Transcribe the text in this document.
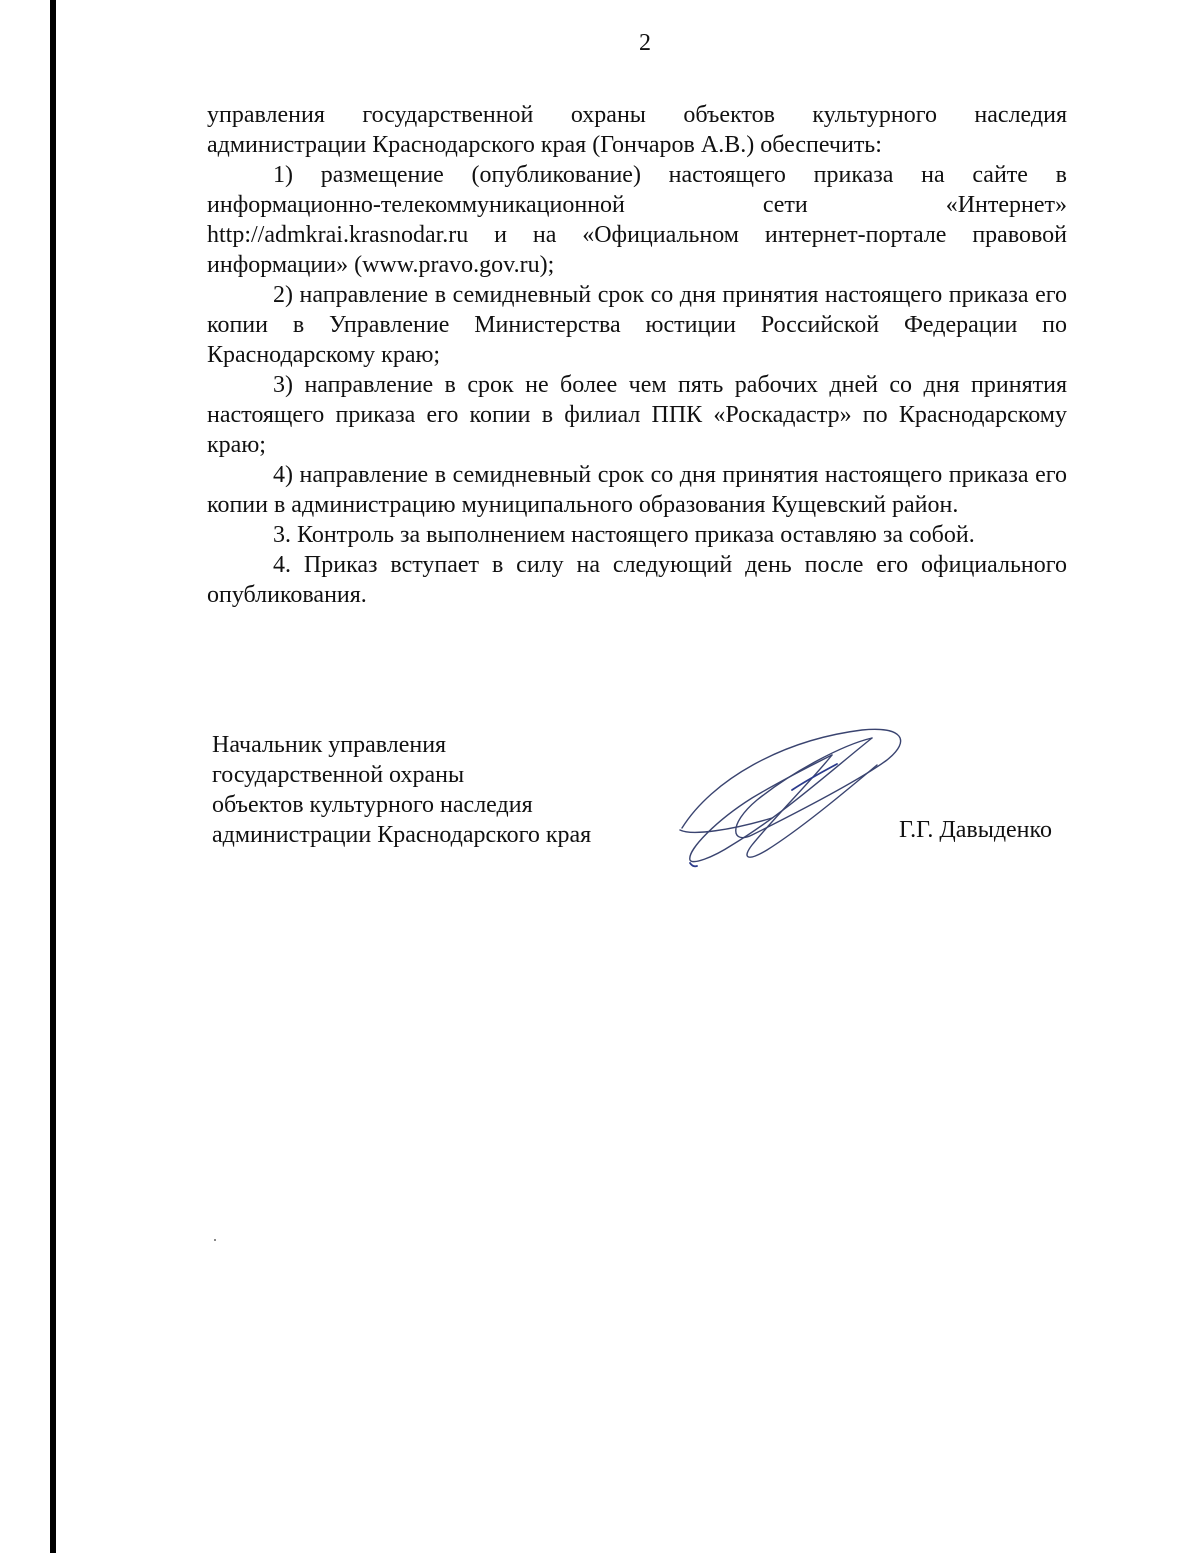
2

управления государственной охраны объектов культурного наследия администрации Краснодарского края (Гончаров А.В.) обеспечить:

1) размещение (опубликование) настоящего приказа на сайте в информационно-телекоммуникационной сети «Интернет» http://admkrai.krasnodar.ru и на «Официальном интернет-портале правовой информации» (www.pravo.gov.ru);

2) направление в семидневный срок со дня принятия настоящего приказа его копии в Управление Министерства юстиции Российской Федерации по Краснодарскому краю;

3) направление в срок не более чем пять рабочих дней со дня принятия настоящего приказа его копии в филиал ППК «Роскадастр» по Краснодарскому краю;

4) направление в семидневный срок со дня принятия настоящего приказа его копии в администрацию муниципального образования Кущевский район.

3. Контроль за выполнением настоящего приказа оставляю за собой.

4. Приказ вступает в силу на следующий день после его официального опубликования.

Начальник управления
государственной охраны
объектов культурного наследия
администрации Краснодарского края	Г.Г. Давыденко
